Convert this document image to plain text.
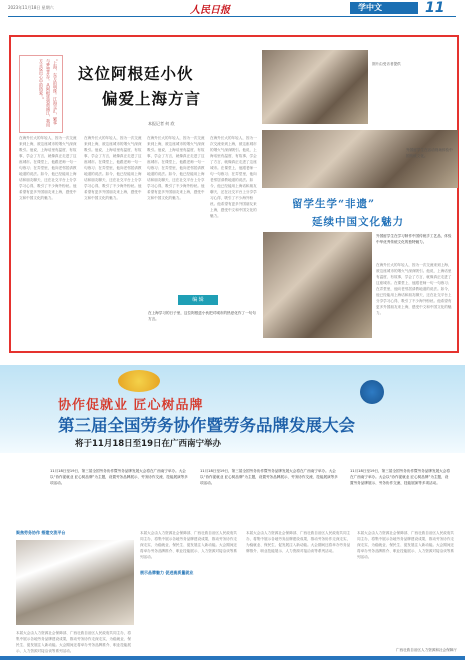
2023年11月18日 星期六	人民日报	学中文	11
“上海，东方的明珠。江海交汇，繁华与梦想并存。从阿根廷到黄浦江，我用方言说出心中的热爱。”	这位阿根廷小伙
偏爱上海方言
本报记者 何 欣
在海外长大的年轻人，因为一次交流来到上海，被这座城市的烟火气深深吸引。他说，上海话里有温度、有故事，学会了方言，就像真正走进了这座城市。在课堂上，他跟老师一句一句练习；在弄堂里，他向老邻居请教地道的说法。如今，他已经能用上海话和朋友聊天，还在社交平台上分享学习心得，吸引了不少海外粉丝。他希望有更多外国朋友来上海，感受中文和中国文化的魅力。
在海外长大的年轻人，因为一次交流来到上海，被这座城市的烟火气深深吸引。他说，上海话里有温度、有故事，学会了方言，就像真正走进了这座城市。在课堂上，他跟老师一句一句练习；在弄堂里，他向老邻居请教地道的说法。如今，他已经能用上海话和朋友聊天，还在社交平台上分享学习心得，吸引了不少海外粉丝。他希望有更多外国朋友来上海，感受中文和中国文化的魅力。
在海外长大的年轻人，因为一次交流来到上海，被这座城市的烟火气深深吸引。他说，上海话里有温度、有故事，学会了方言，就像真正走进了这座城市。在课堂上，他跟老师一句一句练习；在弄堂里，他向老邻居请教地道的说法。如今，他已经能用上海话和朋友聊天，还在社交平台上分享学习心得，吸引了不少海外粉丝。他希望有更多外国朋友来上海，感受中文和中国文化的魅力。
在海外长大的年轻人，因为一次交流来到上海，被这座城市的烟火气深深吸引。他说，上海话里有温度、有故事，学会了方言，就像真正走进了这座城市。在课堂上，他跟老师一句一句练习；在弄堂里，他向老邻居请教地道的说法。如今，他已经能用上海话和朋友聊天，还在社交平台上分享学习心得，吸引了不少海外粉丝。他希望有更多外国朋友来上海，感受中文和中国文化的魅力。
图片由受访者提供
外国留学生在活动现场体验中国传统文化。
留学生学“非遗”
延续中国文化魅力
外国留学生在学习制作中国传统手工艺品，体验中华优秀传统文化的独特魅力。
在海外长大的年轻人，因为一次交流来到上海，被这座城市的烟火气深深吸引。他说，上海话里有温度、有故事，学会了方言，就像真正走进了这座城市。在课堂上，他跟老师一句一句练习；在弄堂里，他向老邻居请教地道的说法。如今，他已经能用上海话和朋友聊天，还在社交平台上分享学习心得，吸引了不少海外粉丝。他希望有更多外国朋友来上海，感受中文和中国文化的魅力。
编 辑
在上海学习的日子里，这位阿根廷小伙把对城市的热爱化作了一句句方言。
协作促就业 匠心树品牌
第三届全国劳务协作暨劳务品牌发展大会
将于11月18日至19日在广西南宁举办
11月18日至19日，第三届全国劳务协作暨劳务品牌发展大会将在广西南宁举办。大会以“协作促就业 匠心树品牌”为主题，设置劳务品牌展示、劳务协作交流、技能展演等多项活动。
11月18日至19日，第三届全国劳务协作暨劳务品牌发展大会将在广西南宁举办。大会以“协作促就业 匠心树品牌”为主题，设置劳务品牌展示、劳务协作交流、技能展演等多项活动。
11月18日至19日，第三届全国劳务协作暨劳务品牌发展大会将在广西南宁举办。大会以“协作促就业 匠心树品牌”为主题，设置劳务品牌展示、劳务协作交流、技能展演等多项活动。
聚焦劳务协作 搭建交流平台
本届大会由人力资源社会保障部、广西壮族自治区人民政府共同主办，将集中展示各地劳务品牌建设成果，推动劳务协作走深走实，为稳就业、保民生、促发展注入新动能。大会期间还将举办劳务品牌推介、职业技能展示、人力资源对接洽谈等系列活动。
本届大会由人力资源社会保障部、广西壮族自治区人民政府共同主办，将集中展示各地劳务品牌建设成果，推动劳务协作走深走实，为稳就业、保民生、促发展注入新动能。大会期间还将举办劳务品牌推介、职业技能展示、人力资源对接洽谈等系列活动。
展示品牌魅力 促进高质量就业
本届大会由人力资源社会保障部、广西壮族自治区人民政府共同主办，将集中展示各地劳务品牌建设成果，推动劳务协作走深走实，为稳就业、保民生、促发展注入新动能。大会期间还将举办劳务品牌推介、职业技能展示、人力资源对接洽谈等系列活动。
本届大会由人力资源社会保障部、广西壮族自治区人民政府共同主办，将集中展示各地劳务品牌建设成果，推动劳务协作走深走实，为稳就业、保民生、促发展注入新动能。大会期间还将举办劳务品牌推介、职业技能展示、人力资源对接洽谈等系列活动。
广西壮族自治区人力资源和社会保障厅
